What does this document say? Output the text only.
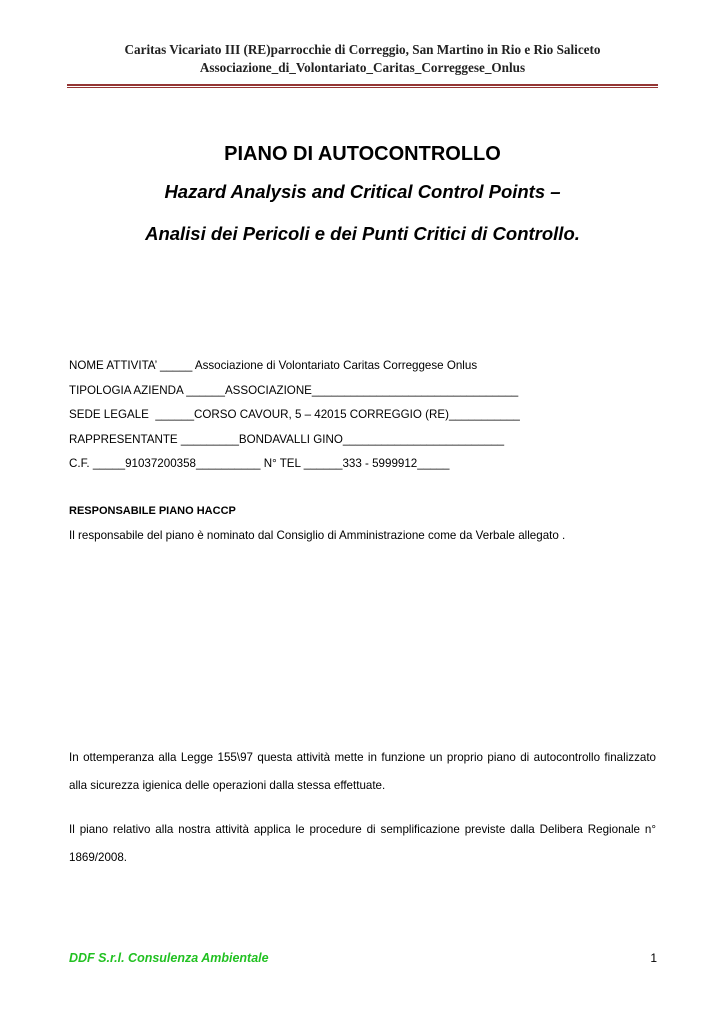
Caritas Vicariato III (RE)parrocchie di Correggio, San Martino in Rio e Rio Saliceto
Associazione_di_Volontariato_Caritas_Correggese_Onlus
PIANO DI AUTOCONTROLLO
Hazard Analysis and Critical Control Points –
Analisi dei Pericoli e dei Punti Critici di Controllo.
NOME ATTIVITA’ _____ Associazione di Volontariato Caritas Correggese Onlus
TIPOLOGIA AZIENDA ______ASSOCIAZIONE________________________________
SEDE LEGALE  ______CORSO CAVOUR, 5 – 42015 CORREGGIO (RE)___________
RAPPRESENTANTE _________BONDAVALLI GINO_________________________
C.F. _____91037200358__________ N° TEL ______333 - 5999912_____
RESPONSABILE PIANO HACCP
Il responsabile del piano è nominato dal Consiglio di Amministrazione come da Verbale allegato .
In ottemperanza alla Legge 155\97 questa attività mette in funzione un proprio piano di autocontrollo finalizzato alla sicurezza igienica delle operazioni dalla stessa effettuate.
Il piano relativo alla nostra attività applica le procedure di semplificazione previste dalla Delibera Regionale n° 1869/2008.
DDF S.r.l. Consulenza Ambientale	1
